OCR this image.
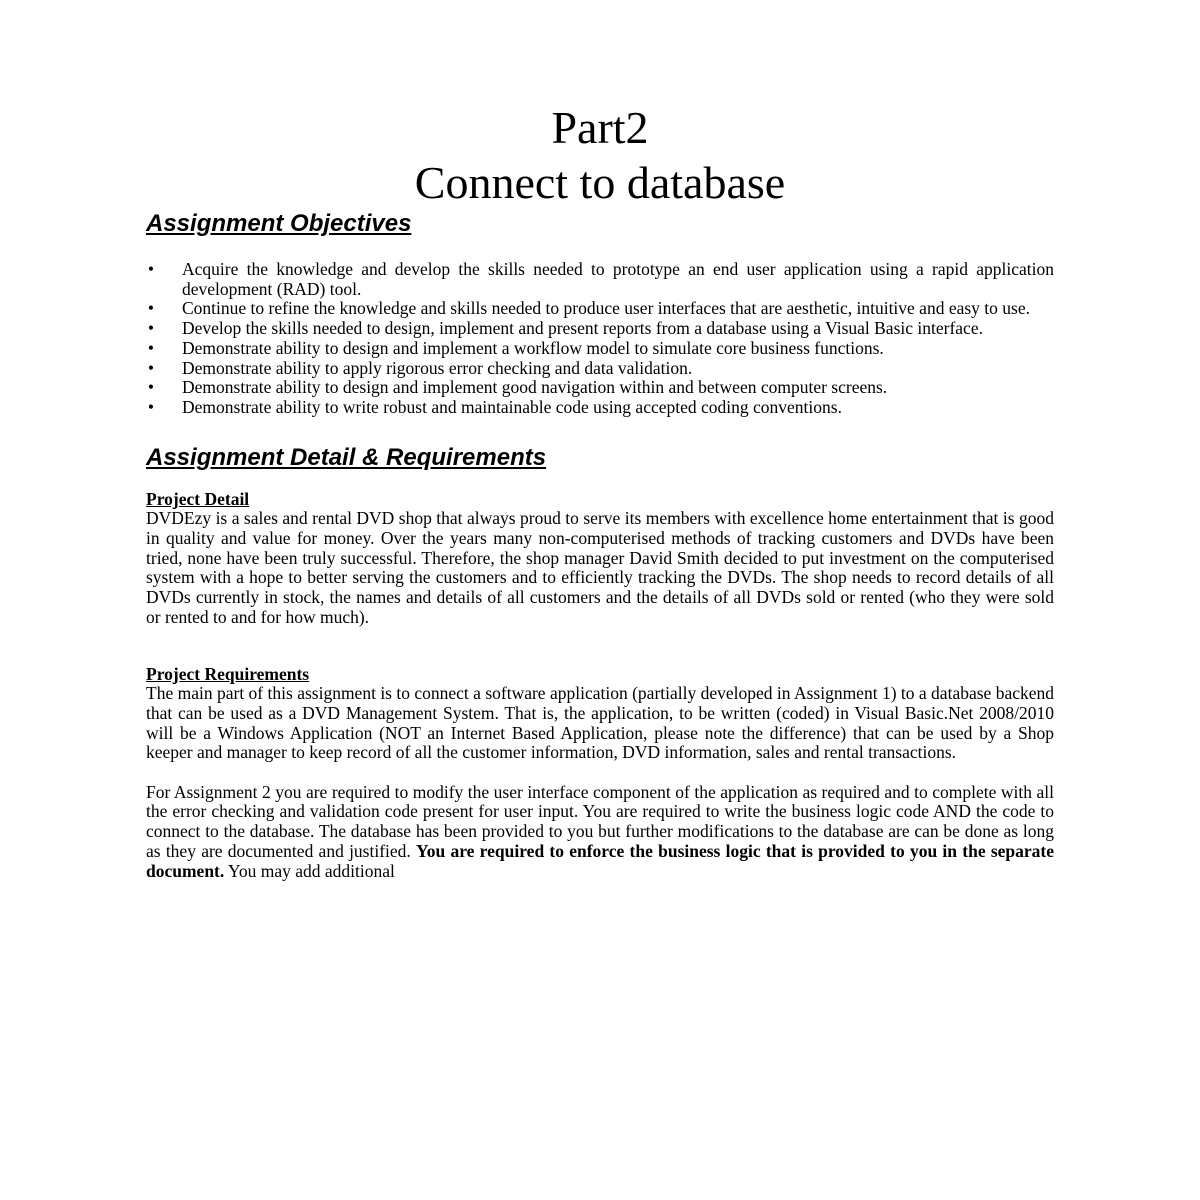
Part2
Connect to database
Assignment Objectives
• Acquire the knowledge and develop the skills needed to prototype an end user application using a rapid application development (RAD) tool.
• Continue to refine the knowledge and skills needed to produce user interfaces that are aesthetic, intuitive and easy to use.
• Develop the skills needed to design, implement and present reports from a database using a Visual Basic interface.
• Demonstrate ability to design and implement a workflow model to simulate core business functions.
• Demonstrate ability to apply rigorous error checking and data validation.
• Demonstrate ability to design and implement good navigation within and between computer screens.
• Demonstrate ability to write robust and maintainable code using accepted coding conventions.
Assignment Detail & Requirements
Project Detail

DVDEzy is a sales and rental DVD shop that always proud to serve its members with excellence home entertainment that is good in quality and value for money. Over the years many non-computerised methods of tracking customers and DVDs have been tried, none have been truly successful. Therefore, the shop manager David Smith decided to put investment on the computerised system with a hope to better serving the customers and to efficiently tracking the DVDs. The shop needs to record details of all DVDs currently in stock, the names and details of all customers and the details of all DVDs sold or rented (who they were sold or rented to and for how much).

Project Requirements

The main part of this assignment is to connect a software application (partially developed in Assignment 1) to a database backend that can be used as a DVD Management System. That is, the application, to be written (coded) in Visual Basic.Net 2008/2010 will be a Windows Application (NOT an Internet Based Application, please note the difference) that can be used by a Shop keeper and manager to keep record of all the customer information, DVD information, sales and rental transactions.

For Assignment 2 you are required to modify the user interface component of the application as required and to complete with all the error checking and validation code present for user input. You are required to write the business logic code AND the code to connect to the database. The database has been provided to you but further modifications to the database are can be done as long as they are documented and justified. You are required to enforce the business logic that is provided to you in the separate document. You may add additional
